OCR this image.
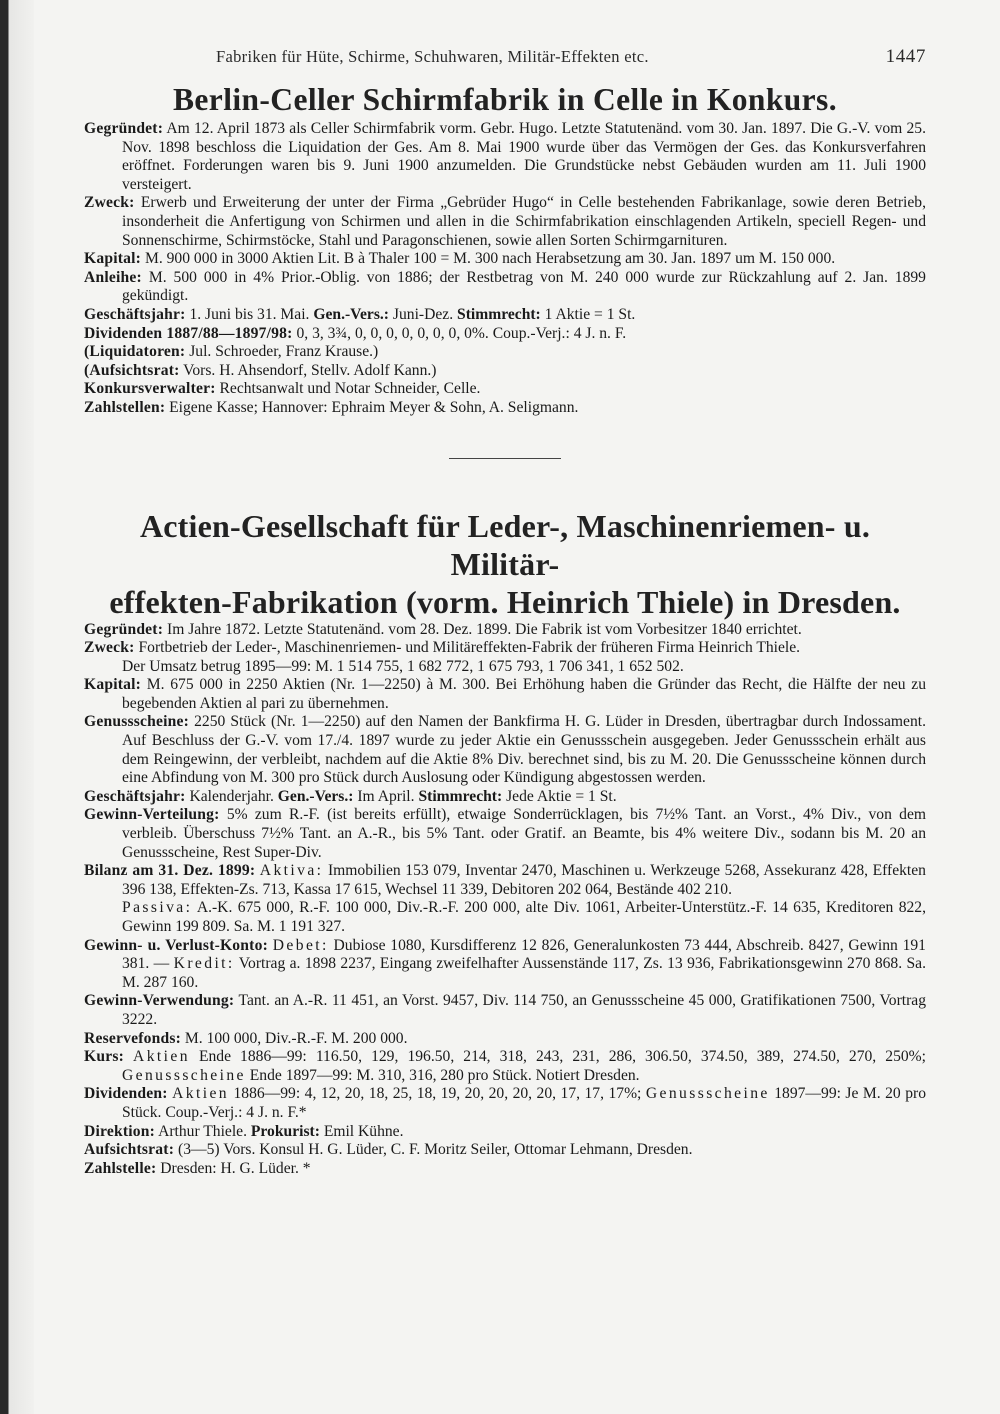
Fabriken für Hüte, Schirme, Schuhwaren, Militär-Effekten etc.	1447
Berlin-Celler Schirmfabrik in Celle in Konkurs.

Gegründet: Am 12. April 1873 als Celler Schirmfabrik vorm. Gebr. Hugo. Letzte Statutenänd. vom 30. Jan. 1897. Die G.-V. vom 25. Nov. 1898 beschloss die Liquidation der Ges. Am 8. Mai 1900 wurde über das Vermögen der Ges. das Konkursverfahren eröffnet. Forderungen waren bis 9. Juni 1900 anzumelden. Die Grundstücke nebst Gebäuden wurden am 11. Juli 1900 versteigert.

Zweck: Erwerb und Erweiterung der unter der Firma „Gebrüder Hugo“ in Celle bestehenden Fabrikanlage, sowie deren Betrieb, insonderheit die Anfertigung von Schirmen und allen in die Schirmfabrikation einschlagenden Artikeln, speciell Regen- und Sonnenschirme, Schirmstöcke, Stahl und Paragonschienen, sowie allen Sorten Schirmgarnituren.

Kapital: M. 900 000 in 3000 Aktien Lit. B à Thaler 100 = M. 300 nach Herabsetzung am 30. Jan. 1897 um M. 150 000.

Anleihe: M. 500 000 in 4% Prior.-Oblig. von 1886; der Restbetrag von M. 240 000 wurde zur Rückzahlung auf 2. Jan. 1899 gekündigt.

Geschäftsjahr: 1. Juni bis 31. Mai. Gen.-Vers.: Juni-Dez. Stimmrecht: 1 Aktie = 1 St.

Dividenden 1887/88—1897/98: 0, 3, 3¾, 0, 0, 0, 0, 0, 0, 0, 0%. Coup.-Verj.: 4 J. n. F.

(Liquidatoren: Jul. Schroeder, Franz Krause.)

(Aufsichtsrat: Vors. H. Ahsendorf, Stellv. Adolf Kann.)

Konkursverwalter: Rechtsanwalt und Notar Schneider, Celle.

Zahlstellen: Eigene Kasse; Hannover: Ephraim Meyer & Sohn, A. Seligmann.

Actien-Gesellschaft für Leder-, Maschinenriemen- u. Militär-
effekten-Fabrikation (vorm. Heinrich Thiele) in Dresden.

Gegründet: Im Jahre 1872. Letzte Statutenänd. vom 28. Dez. 1899. Die Fabrik ist vom Vorbesitzer 1840 errichtet.

Zweck: Fortbetrieb der Leder-, Maschinenriemen- und Militäreffekten-Fabrik der früheren Firma Heinrich Thiele.

Der Umsatz betrug 1895—99: M. 1 514 755, 1 682 772, 1 675 793, 1 706 341, 1 652 502.

Kapital: M. 675 000 in 2250 Aktien (Nr. 1—2250) à M. 300. Bei Erhöhung haben die Gründer das Recht, die Hälfte der neu zu begebenden Aktien al pari zu übernehmen.

Genussscheine: 2250 Stück (Nr. 1—2250) auf den Namen der Bankfirma H. G. Lüder in Dresden, übertragbar durch Indossament. Auf Beschluss der G.-V. vom 17./4. 1897 wurde zu jeder Aktie ein Genussschein ausgegeben. Jeder Genussschein erhält aus dem Reingewinn, der verbleibt, nachdem auf die Aktie 8% Div. berechnet sind, bis zu M. 20. Die Genussscheine können durch eine Abfindung von M. 300 pro Stück durch Auslosung oder Kündigung abgestossen werden.

Geschäftsjahr: Kalenderjahr. Gen.-Vers.: Im April. Stimmrecht: Jede Aktie = 1 St.

Gewinn-Verteilung: 5% zum R.-F. (ist bereits erfüllt), etwaige Sonderrücklagen, bis 7½% Tant. an Vorst., 4% Div., von dem verbleib. Überschuss 7½% Tant. an A.-R., bis 5% Tant. oder Gratif. an Beamte, bis 4% weitere Div., sodann bis M. 20 an Genussscheine, Rest Super-Div.

Bilanz am 31. Dez. 1899: Aktiva: Immobilien 153 079, Inventar 2470, Maschinen u. Werkzeuge 5268, Assekuranz 428, Effekten 396 138, Effekten-Zs. 713, Kassa 17 615, Wechsel 11 339, Debitoren 202 064, Bestände 402 210.

Passiva: A.-K. 675 000, R.-F. 100 000, Div.-R.-F. 200 000, alte Div. 1061, Arbeiter-Unterstütz.-F. 14 635, Kreditoren 822, Gewinn 199 809. Sa. M. 1 191 327.

Gewinn- u. Verlust-Konto: Debet: Dubiose 1080, Kursdifferenz 12 826, Generalunkosten 73 444, Abschreib. 8427, Gewinn 191 381. — Kredit: Vortrag a. 1898 2237, Eingang zweifelhafter Aussenstände 117, Zs. 13 936, Fabrikationsgewinn 270 868. Sa. M. 287 160.

Gewinn-Verwendung: Tant. an A.-R. 11 451, an Vorst. 9457, Div. 114 750, an Genussscheine 45 000, Gratifikationen 7500, Vortrag 3222.

Reservefonds: M. 100 000, Div.-R.-F. M. 200 000.

Kurs: Aktien Ende 1886—99: 116.50, 129, 196.50, 214, 318, 243, 231, 286, 306.50, 374.50, 389, 274.50, 270, 250%; Genussscheine Ende 1897—99: M. 310, 316, 280 pro Stück. Notiert Dresden.

Dividenden: Aktien 1886—99: 4, 12, 20, 18, 25, 18, 19, 20, 20, 20, 20, 17, 17, 17%; Genussscheine 1897—99: Je M. 20 pro Stück. Coup.-Verj.: 4 J. n. F.*

Direktion: Arthur Thiele. Prokurist: Emil Kühne.

Aufsichtsrat: (3—5) Vors. Konsul H. G. Lüder, C. F. Moritz Seiler, Ottomar Lehmann, Dresden.

Zahlstelle: Dresden: H. G. Lüder. *
